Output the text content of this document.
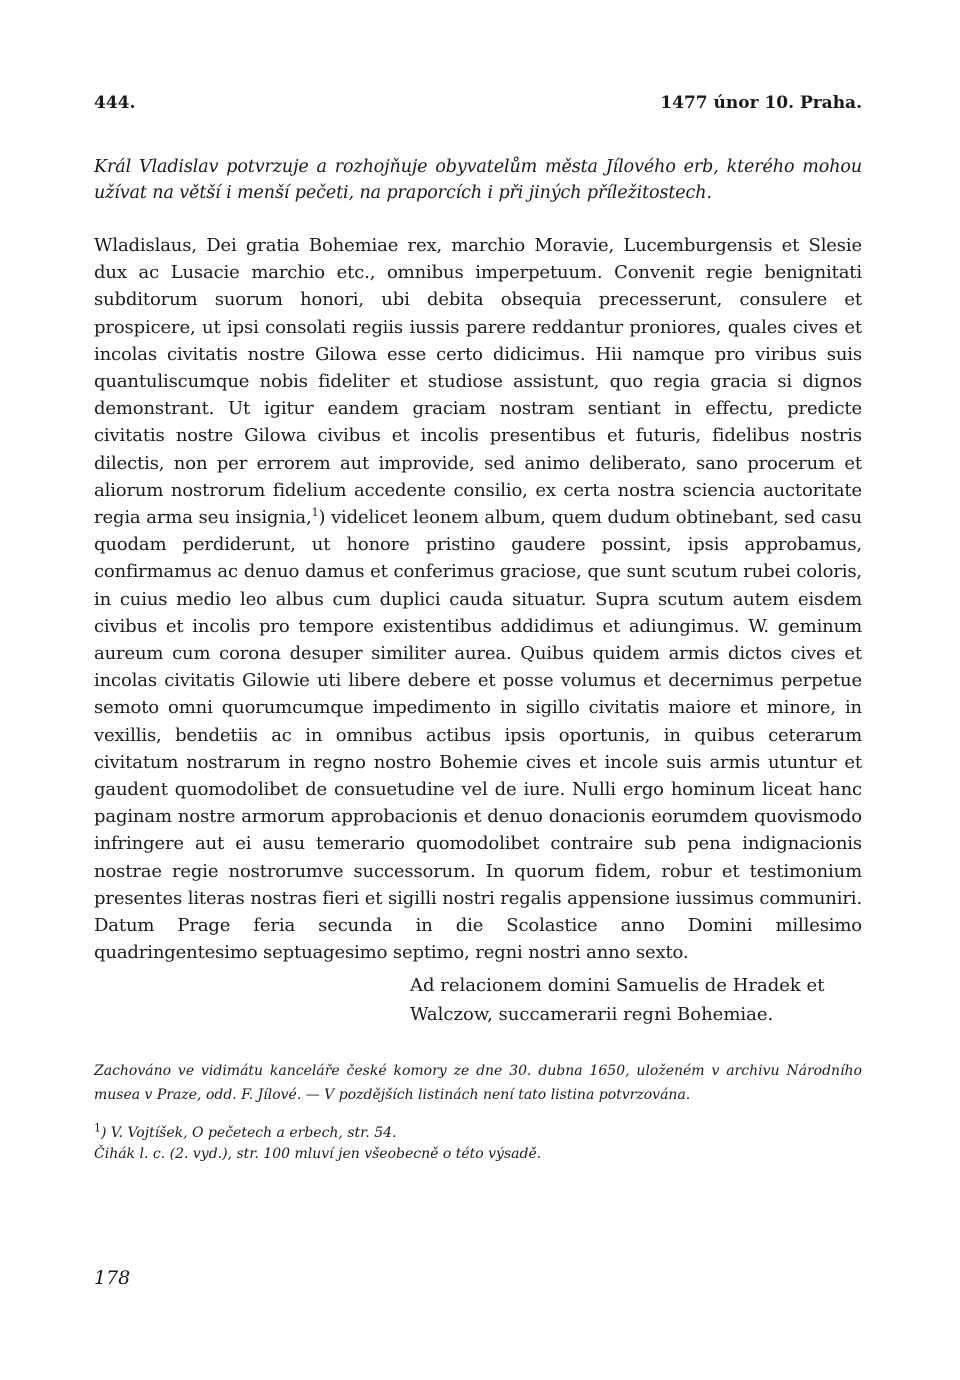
444.	1477 únor 10. Praha.
Král Vladislav potvrzuje a rozhojňuje obyvatelům města Jílového erb, kterého mohou užívat na větší i menší pečeti, na praporcích i při jiných příležitostech.
Wladislaus, Dei gratia Bohemiae rex, marchio Moravie, Lucemburgensis et Slesie dux ac Lusacie marchio etc., omnibus imperpetuum. Convenit regie benignitati subditorum suorum honori, ubi debita obsequia precesserunt, consulere et prospicere, ut ipsi consolati regiis iussis parere reddantur proniores, quales cives et incolas civitatis nostre Gilowa esse certo didicimus. Hii namque pro viribus suis quantuliscumque nobis fideliter et studiose assistunt, quo regia gracia si dignos demonstrant. Ut igitur eandem graciam nostram sentiant in effectu, predicte civitatis nostre Gilowa civibus et incolis presentibus et futuris, fidelibus nostris dilectis, non per errorem aut improvide, sed animo deliberato, sano procerum et aliorum nostrorum fidelium accedente consilio, ex certa nostra sciencia auctoritate regia arma seu insignia,$^1$) videlicet leonem album, quem dudum obtinebant, sed casu quodam perdiderunt, ut honore pristino gaudere possint, ipsis approbamus, confirmamus ac denuo damus et conferimus graciose, que sunt scutum rubei coloris, in cuius medio leo albus cum duplici cauda situatur. Supra scutum autem eisdem civibus et incolis pro tempore existentibus addidimus et adiungimus. W. geminum aureum cum corona desuper similiter aurea. Quibus quidem armis dictos cives et incolas civitatis Gilowie uti libere debere et posse volumus et decernimus perpetue semoto omni quorumcumque impedimento in sigillo civitatis maiore et minore, in vexillis, bendetiis ac in omnibus actibus ipsis oportunis, in quibus ceterarum civitatum nostrarum in regno nostro Bohemie cives et incole suis armis utuntur et gaudent quomodolibet de consuetudine vel de iure. Nulli ergo hominum liceat hanc paginam nostre armorum approbacionis et denuo donacionis eorumdem quovismodo infringere aut ei ausu temerario quomodolibet contraire sub pena indignacionis nostrae regie nostrorumve successorum. In quorum fidem, robur et testimonium presentes literas nostras fieri et sigilli nostri regalis appensione iussimus communiri. Datum Prage feria secunda in die Scolastice anno Domini millesimo quadringentesimo septuagesimo septimo, regni nostri anno sexto.
Ad relacionem domini Samuelis de Hradek et
Walczow, succamerarii regni Bohemiae.
Zachováno ve vidimátu kanceláře české komory ze dne 30. dubna 1650, uloženém v archivu Národního musea v Praze, odd. F. Jílové. — V pozdějších listinách není tato listina potvrzována.
$^1$) V. Vojtíšek, O pečetech a erbech, str. 54.
Čihák l. c. (2. vyd.), str. 100 mluví jen všeobecně o této výsadě.
178
